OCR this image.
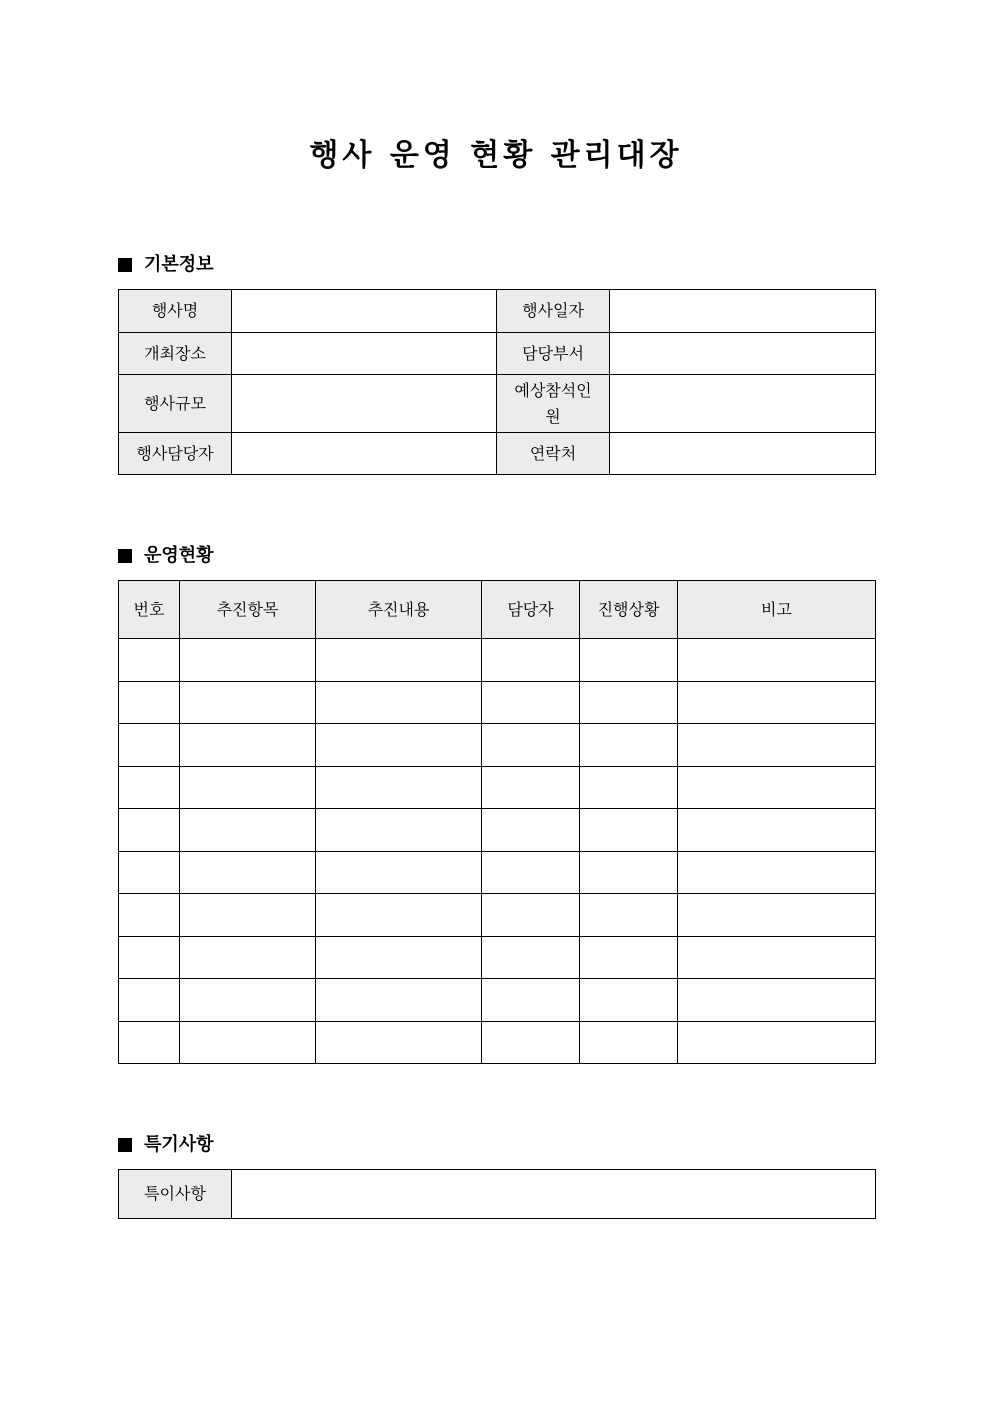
행사 운영 현황 관리대장
기본정보
행사명		행사일자	
개최장소		담당부서	
행사규모		예상참석인원	
행사담당자		연락처	
운영현황
번호	추진항목	추진내용	담당자	진행상황	비고

특기사항
특이사항	
